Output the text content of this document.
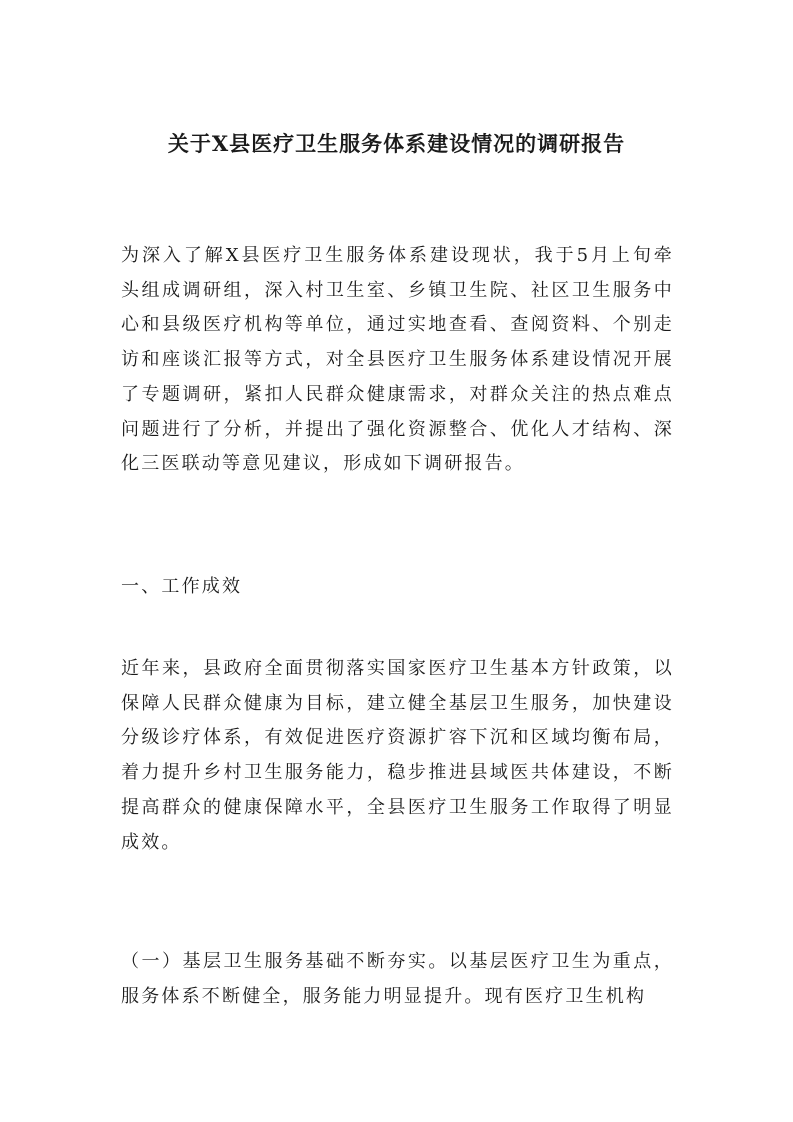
关于X县医疗卫生服务体系建设情况的调研报告

为深入了解X县医疗卫生服务体系建设现状，我于5月上旬牵头组成调研组，深入村卫生室、乡镇卫生院、社区卫生服务中心和县级医疗机构等单位，通过实地查看、查阅资料、个别走访和座谈汇报等方式，对全县医疗卫生服务体系建设情况开展了专题调研，紧扣人民群众健康需求，对群众关注的热点难点问题进行了分析，并提出了强化资源整合、优化人才结构、深化三医联动等意见建议，形成如下调研报告。

一、工作成效

近年来，县政府全面贯彻落实国家医疗卫生基本方针政策，以保障人民群众健康为目标，建立健全基层卫生服务，加快建设分级诊疗体系，有效促进医疗资源扩容下沉和区域均衡布局，着力提升乡村卫生服务能力，稳步推进县域医共体建设，不断提高群众的健康保障水平，全县医疗卫生服务工作取得了明显成效。

（一）基层卫生服务基础不断夯实。以基层医疗卫生为重点，服务体系不断健全，服务能力明显提升。现有医疗卫生机构
